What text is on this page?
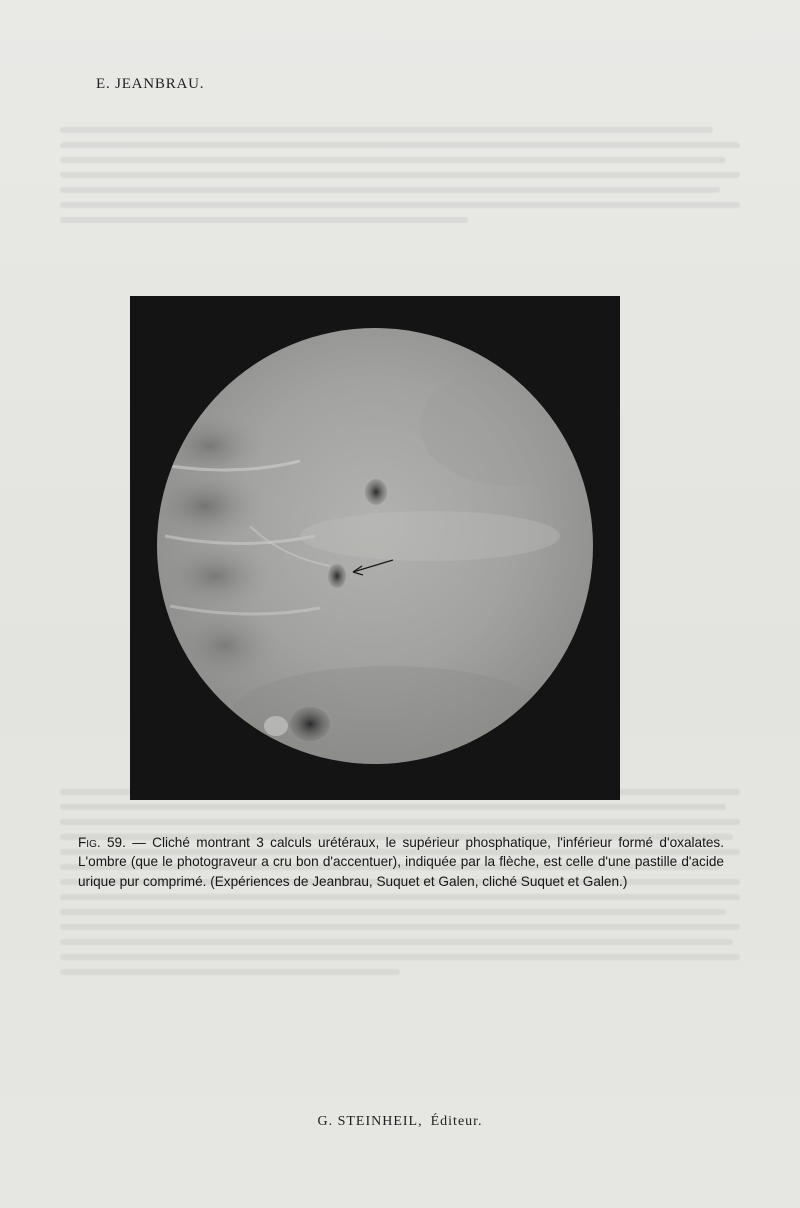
E. JEANBRAU.
Fig. 59. — Cliché montrant 3 calculs urétéraux, le supérieur phosphatique, l'inférieur formé d'oxalates. L'ombre (que le photograveur a cru bon d'accentuer), indiquée par la flèche, est celle d'une pastille d'acide urique pur comprimé. (Expériences de Jeanbrau, Suquet et Galen, cliché Suquet et Galen.)
G. STEINHEIL, Éditeur.
